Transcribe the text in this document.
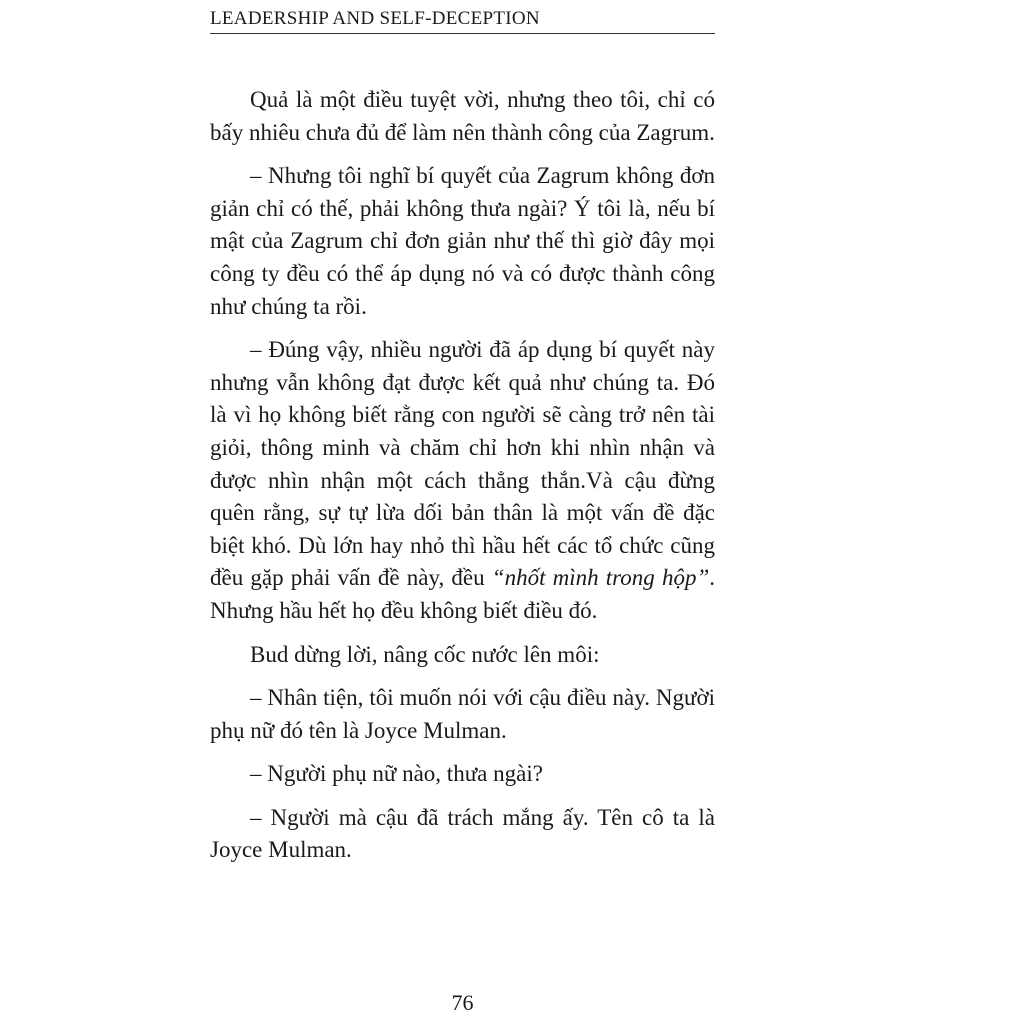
LEADERSHIP AND SELF-DECEPTION

Quả là một điều tuyệt vời, nhưng theo tôi, chỉ có bấy nhiêu chưa đủ để làm nên thành công của Zagrum.

– Nhưng tôi nghĩ bí quyết của Zagrum không đơn giản chỉ có thế, phải không thưa ngài? Ý tôi là, nếu bí mật của Zagrum chỉ đơn giản như thế thì giờ đây mọi công ty đều có thể áp dụng nó và có được thành công như chúng ta rồi.

– Đúng vậy, nhiều người đã áp dụng bí quyết này nhưng vẫn không đạt được kết quả như chúng ta. Đó là vì họ không biết rằng con người sẽ càng trở nên tài giỏi, thông minh và chăm chỉ hơn khi nhìn nhận và được nhìn nhận một cách thẳng thắn.Và cậu đừng quên rằng, sự tự lừa dối bản thân là một vấn đề đặc biệt khó. Dù lớn hay nhỏ thì hầu hết các tổ chức cũng đều gặp phải vấn đề này, đều “nhốt mình trong hộp”. Nhưng hầu hết họ đều không biết điều đó.

Bud dừng lời, nâng cốc nước lên môi:

– Nhân tiện, tôi muốn nói với cậu điều này. Người phụ nữ đó tên là Joyce Mulman.

– Người phụ nữ nào, thưa ngài?

– Người mà cậu đã trách mắng ấy. Tên cô ta là Joyce Mulman.

76
